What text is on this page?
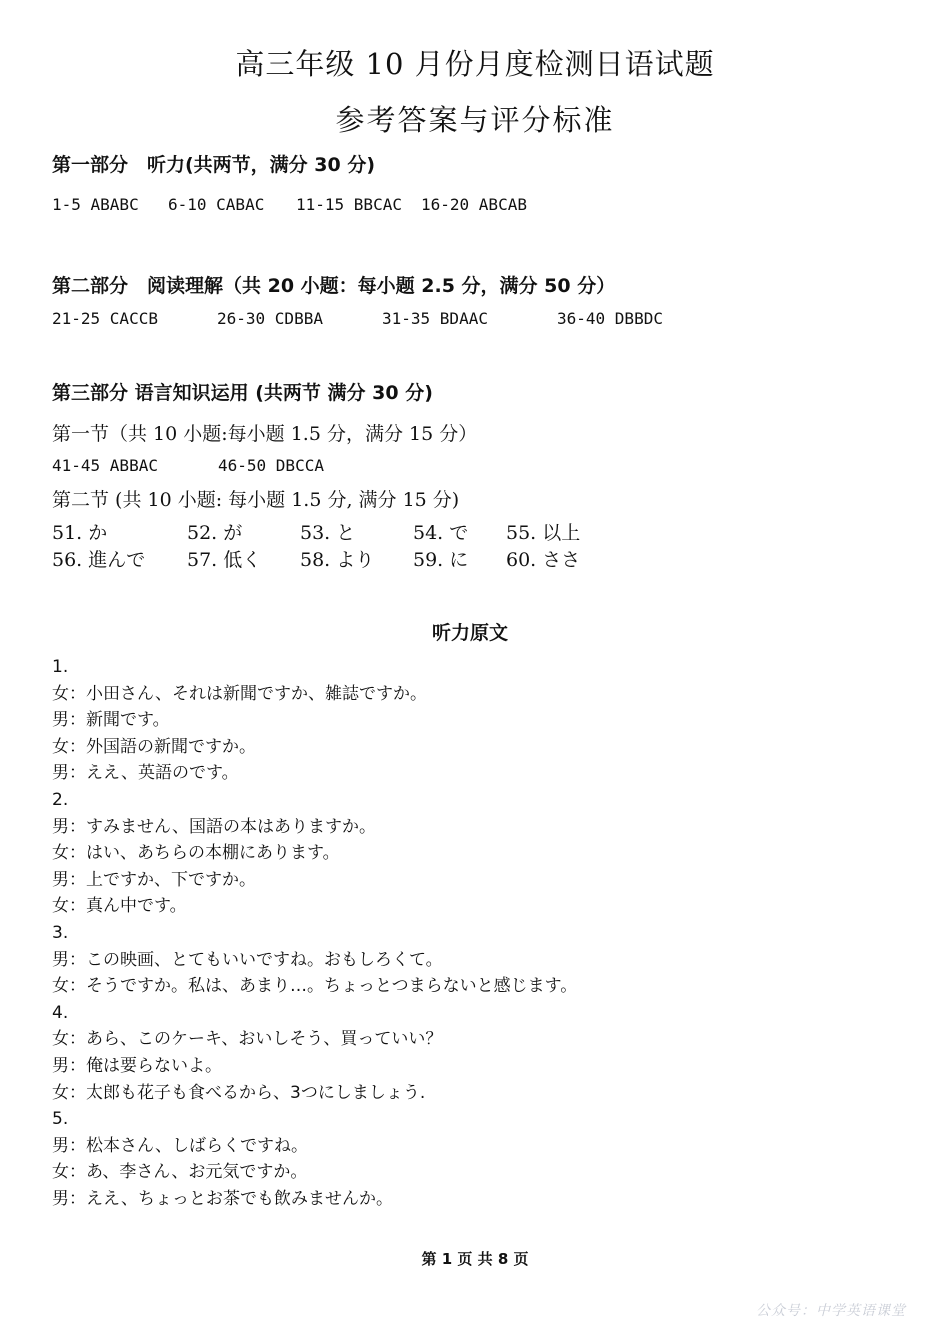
高三年级 10 月份月度检测日语试题
参考答案与评分标准
第一部分　听力(共两节，满分 30 分)
1-5 ABABC 6-10 CABAC 11-15 BBCAC 16-20 ABCAB
第二部分　阅读理解（共 20 小题：每小题 2.5 分，满分 50 分）
21-25 CACCB	26-30 CDBBA	31-35 BDAAC	36-40 DBBDC
第三部分 语言知识运用 (共两节 满分 30 分)
第一节（共 10 小题:每小题 1.5 分，满分 15 分）
41-45 ABBAC	46-50 DBCCA
第二节 (共 10 小题: 每小题 1.5 分, 满分 15 分)
51. か	52. が	53. と	54. で 55. 以上
56. 進んで 57. 低く 58. より 59. に 60. ささ
听力原文
1.
女：小田さん、それは新聞ですか、雑誌ですか。
男：新聞です。
女：外国語の新聞ですか。
男：ええ、英語のです。
2.
男：すみません、国語の本はありますか。
女：はい、あちらの本棚にあります。
男：上ですか、下ですか。
女：真ん中です。
3.
男：この映画、とてもいいですね。おもしろくて。
女：そうですか。私は、あまり…。ちょっとつまらないと感じます。
4.
女：あら、このケーキ、おいしそう、買っていい？
男：俺は要らないよ。
女：太郎も花子も食べるから、3つにしましょう.
5.
男：松本さん、しばらくですね。
女：あ、李さん、お元気ですか。
男：ええ、ちょっとお茶でも飲みませんか。
第 1 页 共 8 页
公众号：中学英语课堂
